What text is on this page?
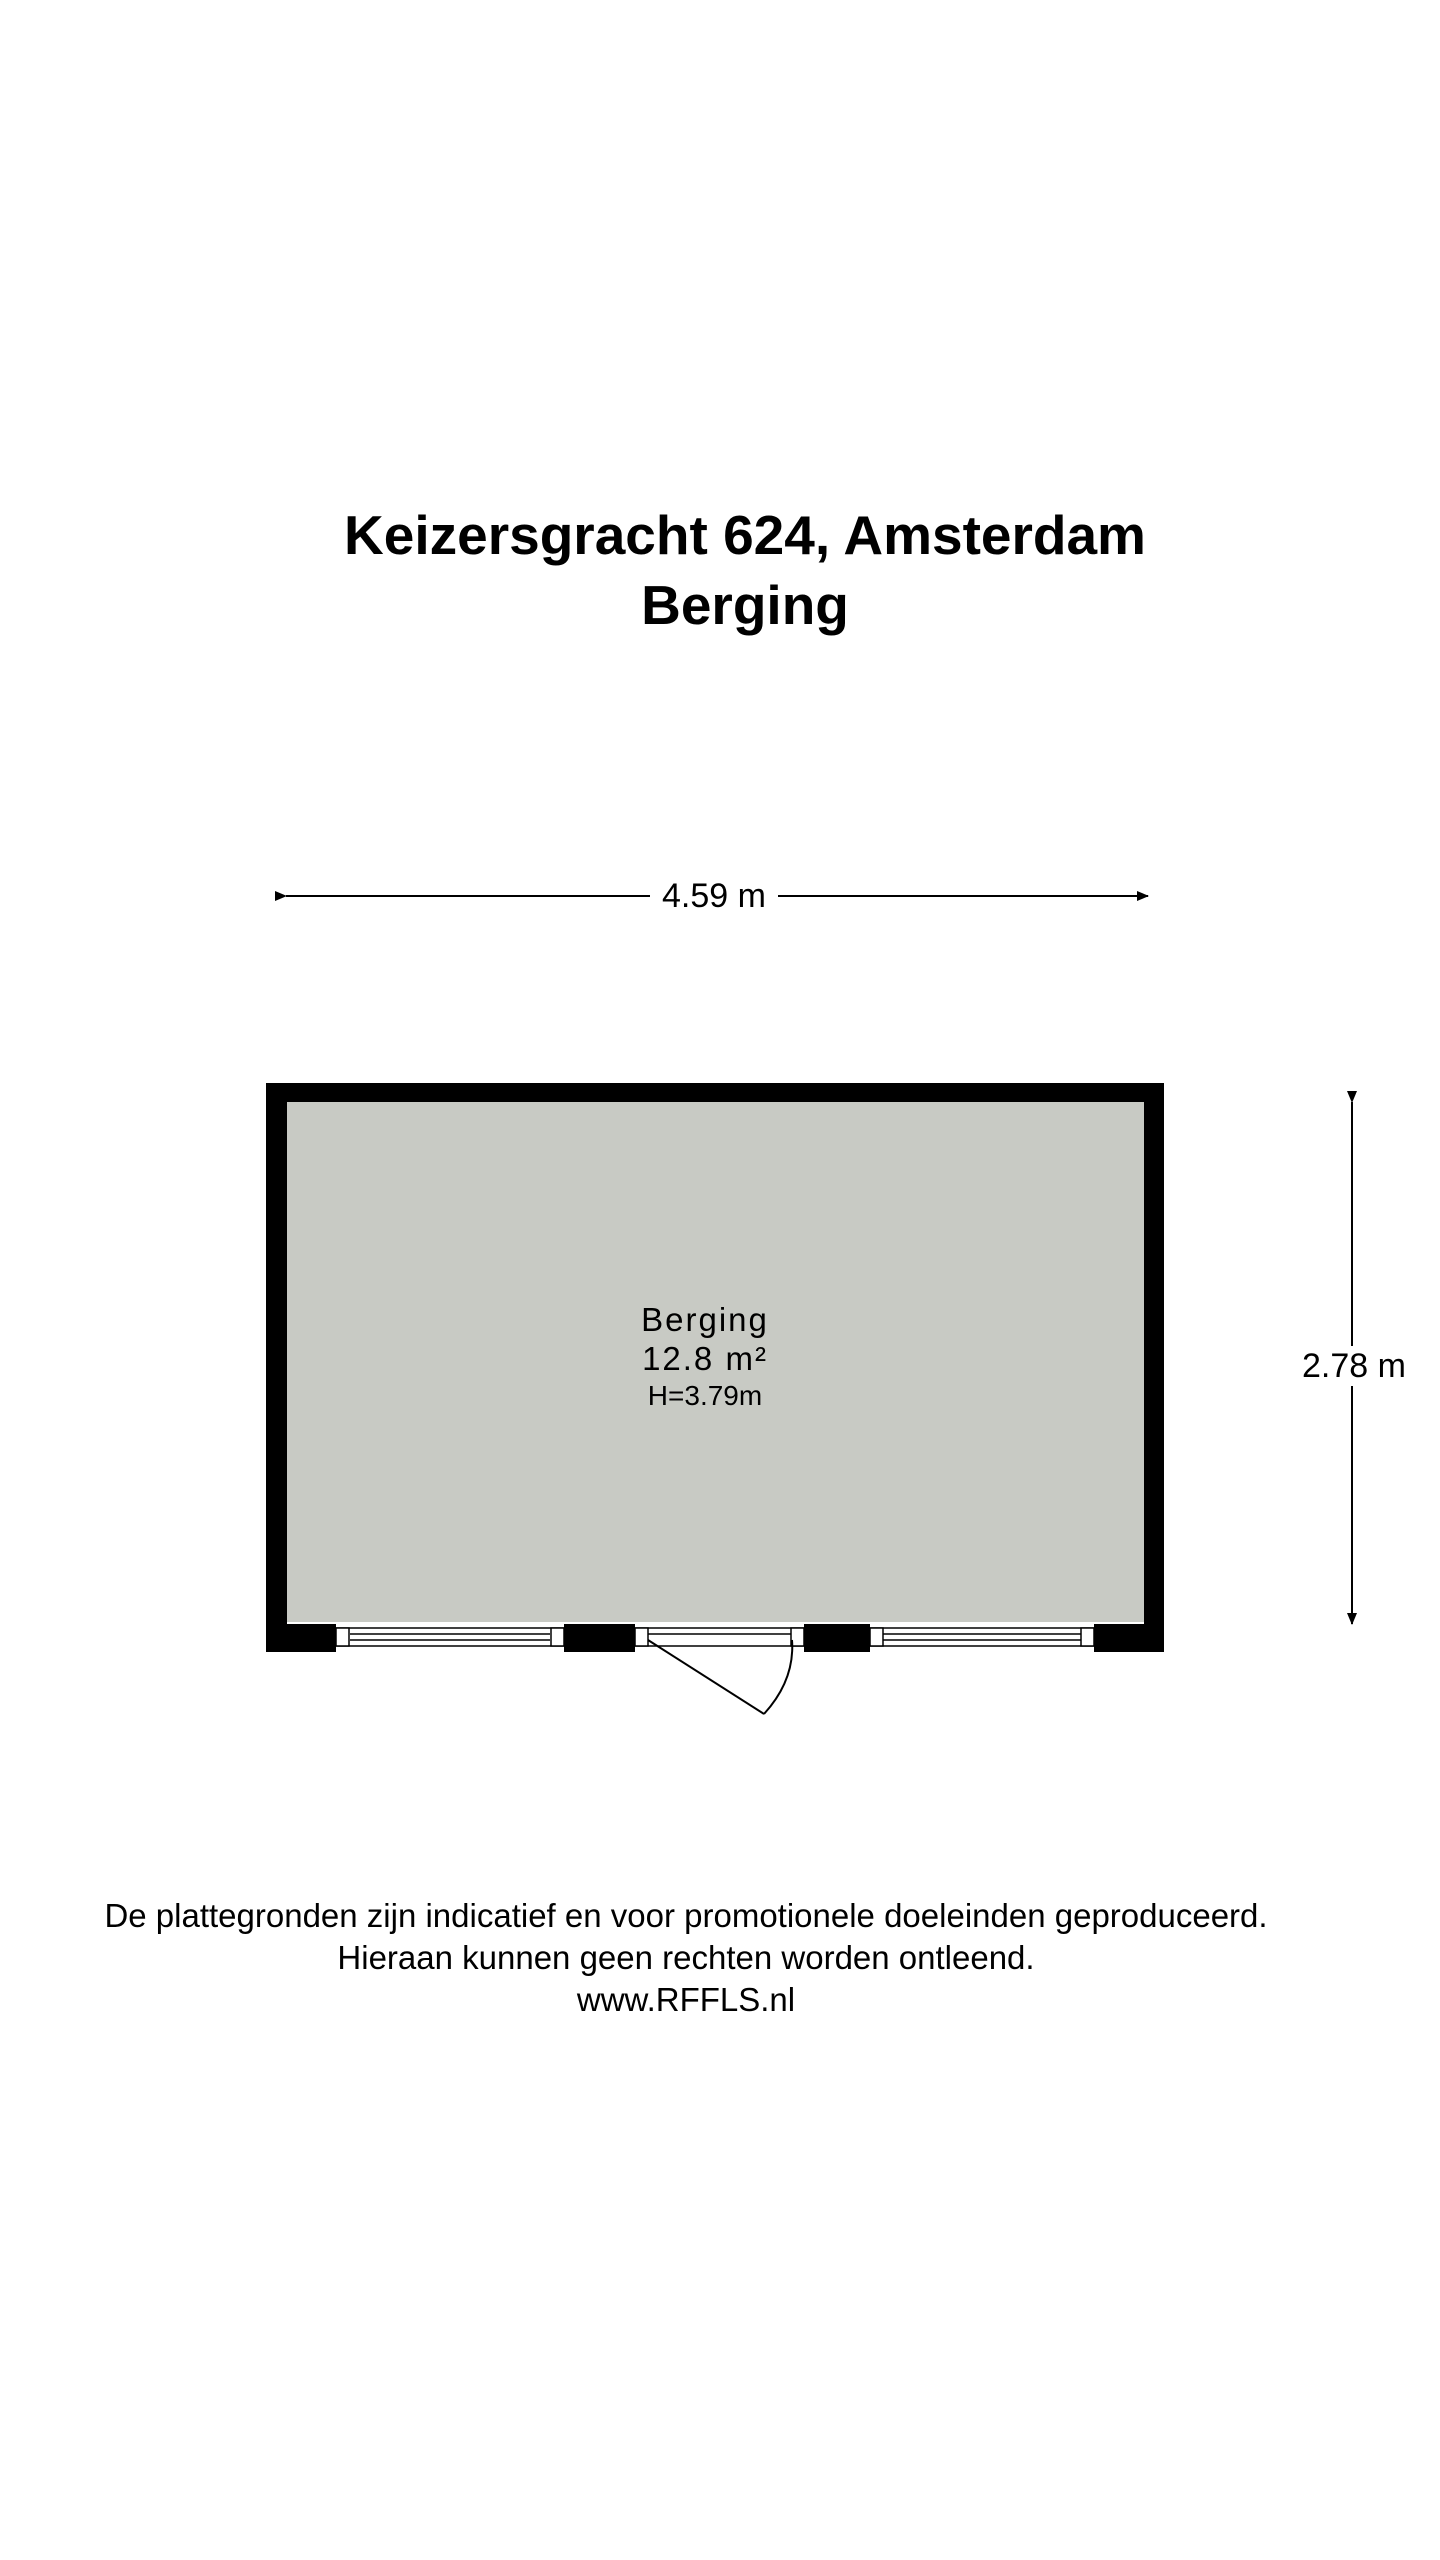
Keizersgracht 624, Amsterdam
Berging
4.59 m
2.78 m
Berging
12.8 m²
H=3.79m
De plattegronden zijn indicatief en voor promotionele doeleinden geproduceerd.
Hieraan kunnen geen rechten worden ontleend.
www.RFFLS.nl
